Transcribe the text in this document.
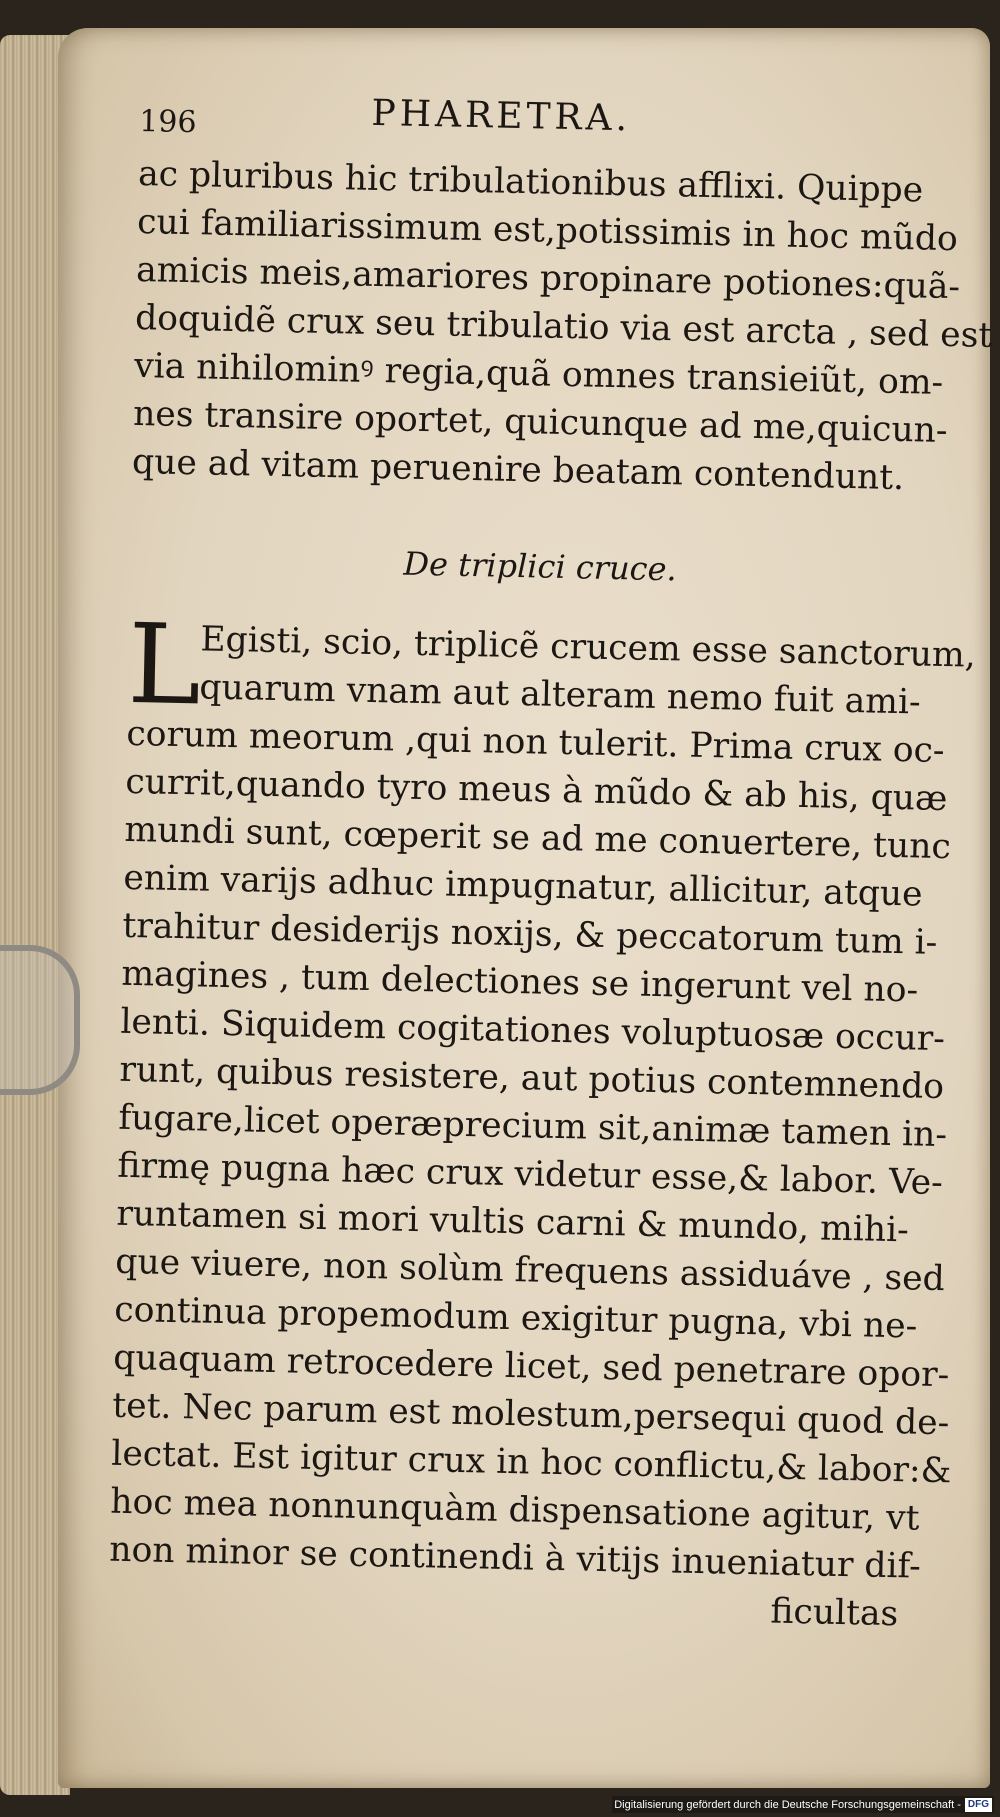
196	PHARETRA.
ac pluribus hic tribulationibus afflixi. Quippe
cui familiarissimum est,potissimis in hoc mũdo
amicis meis,amariores propinare potiones:quã-
doquidẽ crux seu tribulatio via est arcta , sed est
via nihilominꝰ regia,quã omnes transieiũt, om-
nes transire oportet, quicunque ad me,quicun-
que ad vitam peruenire beatam contendunt.
De triplici cruce.
L
Egisti, scio, triplicẽ crucem esse sanctorum,
quarum vnam aut alteram nemo fuit ami-
corum meorum ,qui non tulerit. Prima crux oc-
currit,quando tyro meus à mũdo & ab his, quæ
mundi sunt, cœperit se ad me conuertere, tunc
enim varijs adhuc impugnatur, allicitur, atque
trahitur desiderijs noxijs, & peccatorum tum i-
magines , tum delectiones se ingerunt vel no-
lenti. Siquidem cogitationes voluptuosæ occur-
runt, quibus resistere, aut potius contemnendo
fugare,licet operæprecium sit,animæ tamen in-
firmę pugna hæc crux videtur esse,& labor. Ve-
runtamen si mori vultis carni & mundo, mihi-
que viuere, non solùm frequens assiduáve , sed
continua propemodum exigitur pugna, vbi ne-
quaquam retrocedere licet, sed penetrare opor-
tet. Nec parum est molestum,persequi quod de-
lectat. Est igitur crux in hoc conflictu,& labor:&
hoc mea nonnunquàm dispensatione agitur, vt
non minor se continendi à vitijs inueniatur dif-
ficultas
Digitalisierung gefördert durch die Deutsche Forschungsgemeinschaft - DFG
